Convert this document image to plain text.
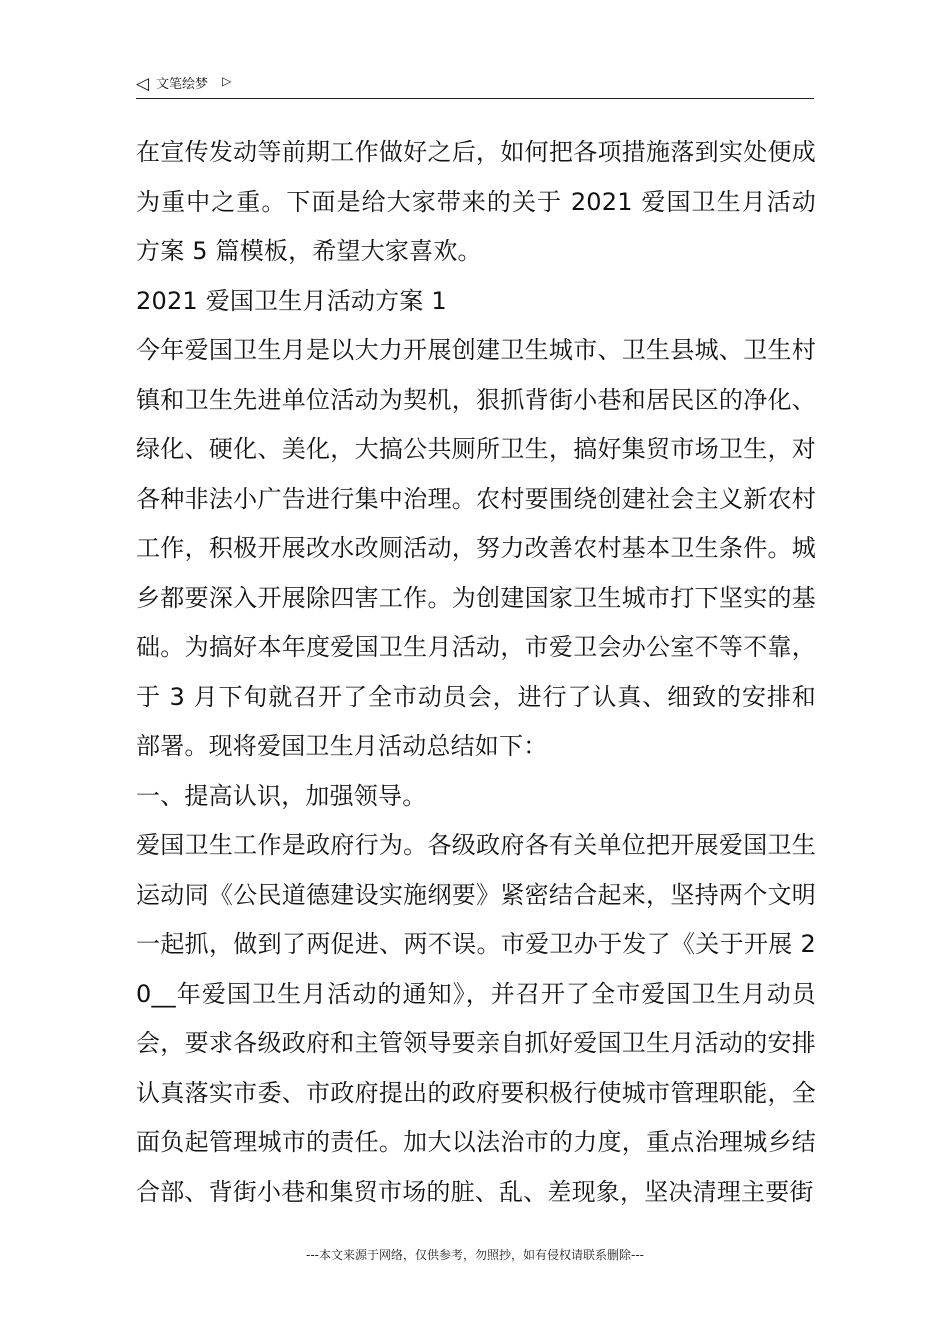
◁ 文笔绘梦 ▷

在宣传发动等前期工作做好之后，如何把各项措施落到实处便成为重中之重。下面是给大家带来的关于 2021 爱国卫生月活动方案 5 篇模板，希望大家喜欢。

2021 爱国卫生月活动方案 1

今年爱国卫生月是以大力开展创建卫生城市、卫生县城、卫生村镇和卫生先进单位活动为契机，狠抓背街小巷和居民区的净化、绿化、硬化、美化，大搞公共厕所卫生，搞好集贸市场卫生，对各种非法小广告进行集中治理。农村要围绕创建社会主义新农村工作，积极开展改水改厕活动，努力改善农村基本卫生条件。城乡都要深入开展除四害工作。为创建国家卫生城市打下坚实的基础。为搞好本年度爱国卫生月活动，市爱卫会办公室不等不靠，于 3 月下旬就召开了全市动员会，进行了认真、细致的安排和部署。现将爱国卫生月活动总结如下：

一、提高认识，加强领导。

爱国卫生工作是政府行为。各级政府各有关单位把开展爱国卫生运动同《公民道德建设实施纲要》紧密结合起来，坚持两个文明一起抓，做到了两促进、两不误。市爱卫办于发了《关于开展 20__年爱国卫生月活动的通知》，并召开了全市爱国卫生月动员会，要求各级政府和主管领导要亲自抓好爱国卫生月活动的安排认真落实市委、市政府提出的政府要积极行使城市管理职能，全面负起管理城市的责任。加大以法治市的力度，重点治理城乡结合部、背街小巷和集贸市场的脏、乱、差现象，坚决清理主要街

---本文来源于网络，仅供参考，勿照抄，如有侵权请联系删除---
